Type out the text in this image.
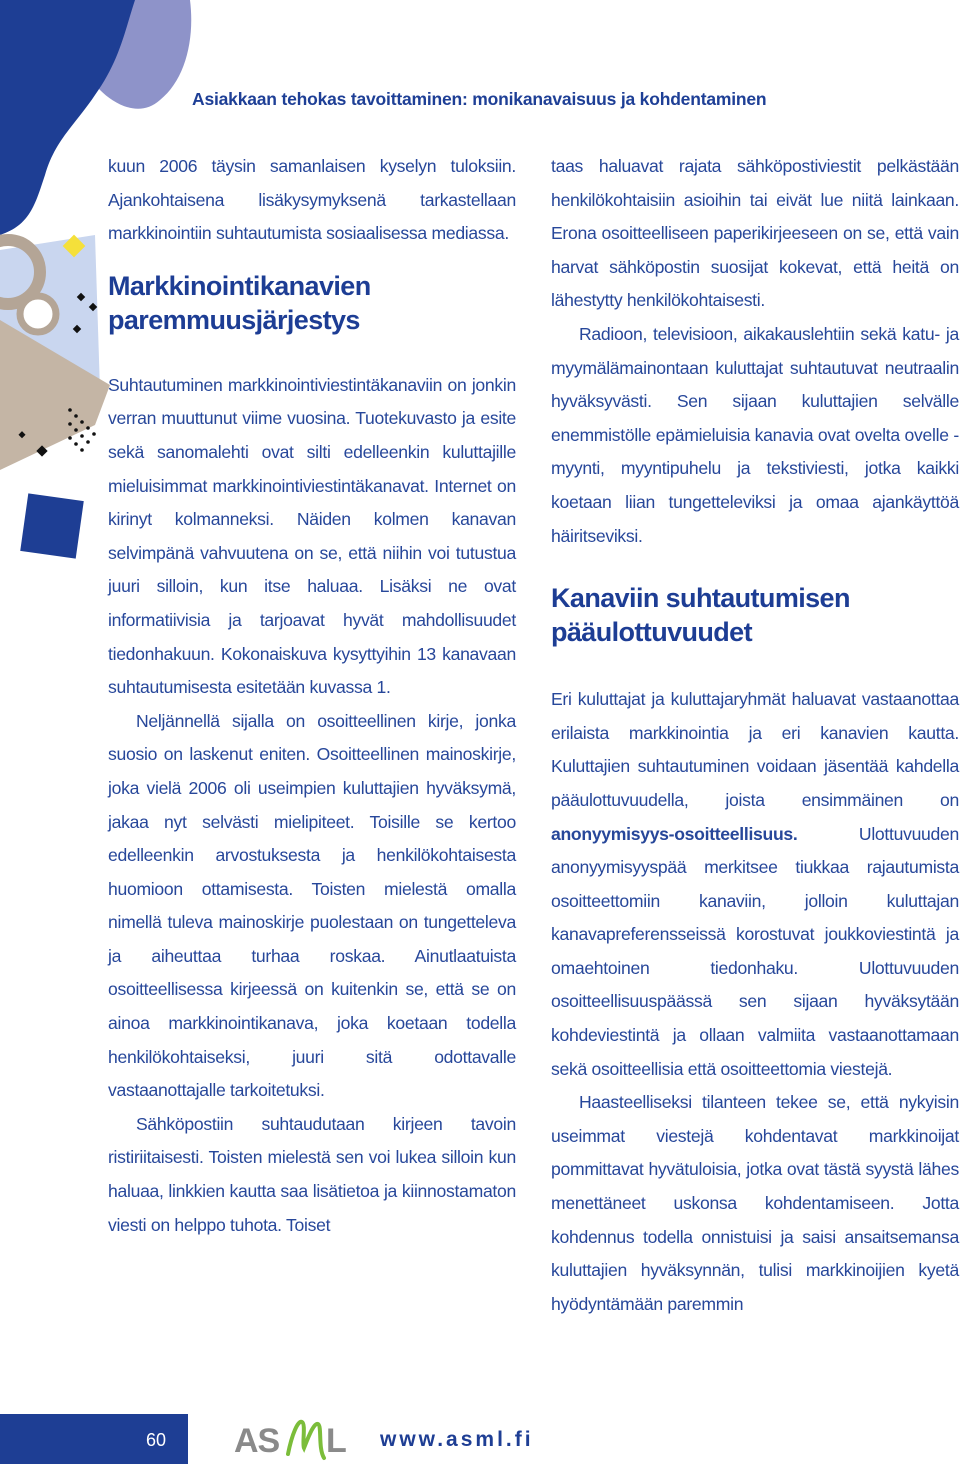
Asiakkaan tehokas tavoittaminen: monikanavaisuus ja kohdentaminen

kuun 2006 täysin samanlaisen kyselyn tuloksiin. Ajankohtaisena lisäkysymyksenä tarkastellaan markkinointiin suhtautumista sosiaalisessa mediassa.

Markkinointikanavien paremmuusjärjestys

Suhtautuminen markkinointiviestintäkanaviin on jonkin verran muuttunut viime vuosina. Tuotekuvasto ja esite sekä sanomalehti ovat silti edelleenkin kuluttajille mieluisimmat markkinointiviestintäkanavat. Internet on kirinyt kolmanneksi. Näiden kolmen kanavan selvimpänä vahvuutena on se, että niihin voi tutustua juuri silloin, kun itse haluaa. Lisäksi ne ovat informatiivisia ja tarjoavat hyvät mahdollisuudet tiedonhakuun. Kokonaiskuva kysyttyihin 13 kanavaan suhtautumisesta esitetään kuvassa 1.

Neljännellä sijalla on osoitteellinen kirje, jonka suosio on laskenut eniten. Osoitteellinen mainoskirje, joka vielä 2006 oli useimpien kuluttajien hyväksymä, jakaa nyt selvästi mielipiteet. Toisille se kertoo edelleenkin arvostuksesta ja henkilökohtaisesta huomioon ottamisesta. Toisten mielestä omalla nimellä tuleva mainoskirje puolestaan on tungetteleva ja aiheuttaa turhaa roskaa. Ainutlaatuista osoitteellisessa kirjeessä on kuitenkin se, että se on ainoa markkinointikanava, joka koetaan todella henkilökohtaiseksi, juuri sitä odottavalle vastaanottajalle tarkoitetuksi.

Sähköpostiin suhtaudutaan kirjeen tavoin ristiriitaisesti. Toisten mielestä sen voi lukea silloin kun haluaa, linkkien kautta saa lisätietoa ja kiinnostamaton viesti on helppo tuhota. Toiset

taas haluavat rajata sähköpostiviestit pelkästään henkilökohtaisiin asioihin tai eivät lue niitä lainkaan. Erona osoitteelliseen paperikirjeeseen on se, että vain harvat sähköpostin suosijat kokevat, että heitä on lähestytty henkilökohtaisesti.

Radioon, televisioon, aikakauslehtiin sekä katu- ja myymälämainontaan kuluttajat suhtautuvat neutraalin hyväksyvästi. Sen sijaan kuluttajien selvälle enemmistölle epämieluisia kanavia ovat ovelta ovelle -myynti, myyntipuhelu ja tekstiviesti, jotka kaikki koetaan liian tungetteleviksi ja omaa ajankäyttöä häiritseviksi.

Kanaviin suhtautumisen pääulottuvuudet

Eri kuluttajat ja kuluttajaryhmät haluavat vastaanottaa erilaista markkinointia ja eri kanavien kautta. Kuluttajien suhtautuminen voidaan jäsentää kahdella pääulottuvuudella, joista ensimmäinen on anonyymisyys-osoitteellisuus. Ulottuvuuden anonyymisyyspää merkitsee tiukkaa rajautumista osoitteettomiin kanaviin, jolloin kuluttajan kanavapreferensseissä korostuvat joukkoviestintä ja omaehtoinen tiedonhaku. Ulottuvuuden osoitteellisuuspäässä sen sijaan hyväksytään kohdeviestintä ja ollaan valmiita vastaanottamaan sekä osoitteellisia että osoitteettomia viestejä.

Haasteelliseksi tilanteen tekee se, että nykyisin useimmat viestejä kohdentavat markkinoijat pommittavat hyvätuloisia, jotka ovat tästä syystä lähes menettäneet uskonsa kohdentamiseen. Jotta kohdennus todella onnistuisi ja saisi ansaitsemansa kuluttajien hyväksynnän, tulisi markkinoijien kyetä hyödyntämään paremmin

60 AS L www.asml.fi
